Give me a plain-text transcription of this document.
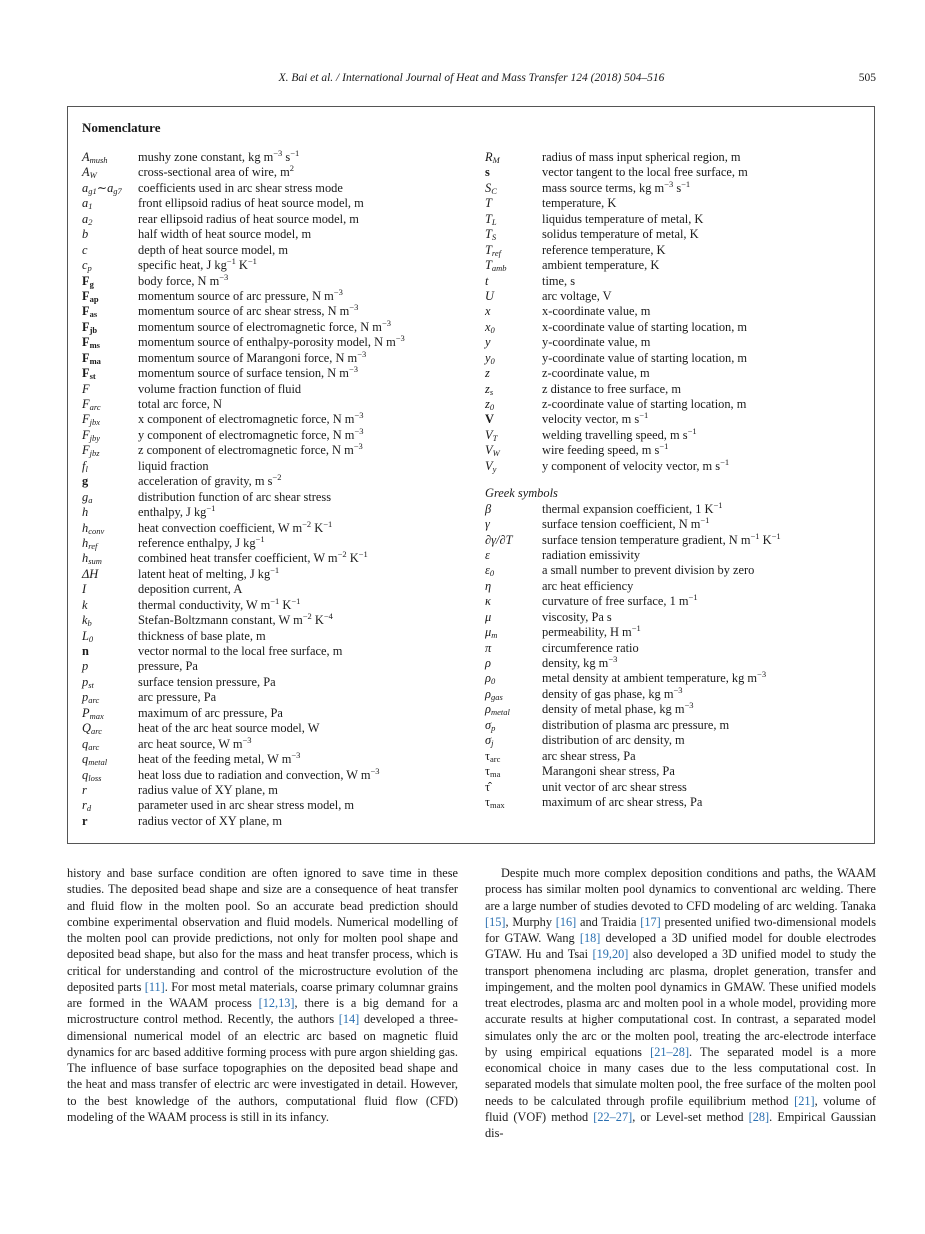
X. Bai et al. / International Journal of Heat and Mass Transfer 124 (2018) 504–516	505
Nomenclature
$A_{mush}$	mushy zone constant, kg $m^{-3}$ $s^{-1}$
$A_W$	cross-sectional area of wire, $m^2$
$a_{g1}\sim a_{g7}$	coefficients used in arc shear stress mode
$a_1$	front ellipsoid radius of heat source model, m
$a_2$	rear ellipsoid radius of heat source model, m
b	half width of heat source model, m
c	depth of heat source model, m
$c_p$	specific heat, J $kg^{-1}$ $K^{-1}$
$F_g$	body force, N $m^{-3}$
$F_{ap}$	momentum source of arc pressure, N $m^{-3}$
$F_{as}$	momentum source of arc shear stress, N $m^{-3}$
$F_{jb}$	momentum source of electromagnetic force, N $m^{-3}$
$F_{ms}$	momentum source of enthalpy-porosity model, N $m^{-3}$
$F_{ma}$	momentum source of Marangoni force, N $m^{-3}$
$F_{st}$	momentum source of surface tension, N $m^{-3}$
F	volume fraction function of fluid
$F_{arc}$	total arc force, N
$F_{jbx}$	x component of electromagnetic force, N $m^{-3}$
$F_{jby}$	y component of electromagnetic force, N $m^{-3}$
$F_{jbz}$	z component of electromagnetic force, N $m^{-3}$
$f_l$	liquid fraction
g	acceleration of gravity, m $s^{-2}$
$g_a$	distribution function of arc shear stress
h	enthalpy, J $kg^{-1}$
$h_{conv}$	heat convection coefficient, W $m^{-2}$ $K^{-1}$
$h_{ref}$	reference enthalpy, J $kg^{-1}$
$h_{sum}$	combined heat transfer coefficient, W $m^{-2}$ $K^{-1}$
ΔH	latent heat of melting, J $kg^{-1}$
I	deposition current, A
k	thermal conductivity, W $m^{-1}$ $K^{-1}$
$k_b$	Stefan-Boltzmann constant, W $m^{-2}$ $K^{-4}$
$L_0$	thickness of base plate, m
n	vector normal to the local free surface, m
p	pressure, Pa
$p_{st}$	surface tension pressure, Pa
$p_{arc}$	arc pressure, Pa
$P_{max}$	maximum of arc pressure, Pa
$Q_{arc}$	heat of the arc heat source model, W
$q_{arc}$	arc heat source, W $m^{-3}$
$q_{metal}$	heat of the feeding metal, W $m^{-3}$
$q_{loss}$	heat loss due to radiation and convection, W $m^{-3}$
r	radius value of XY plane, m
$r_d$	parameter used in arc shear stress model, m
r	radius vector of XY plane, m
$R_M$	radius of mass input spherical region, m
s	vector tangent to the local free surface, m
$S_C$	mass source terms, kg $m^{-3}$ $s^{-1}$
T	temperature, K
$T_L$	liquidus temperature of metal, K
$T_S$	solidus temperature of metal, K
$T_{ref}$	reference temperature, K
$T_{amb}$	ambient temperature, K
t	time, s
U	arc voltage, V
x	x-coordinate value, m
$x_0$	x-coordinate value of starting location, m
y	y-coordinate value, m
$y_0$	y-coordinate value of starting location, m
z	z-coordinate value, m
$z_s$	z distance to free surface, m
$z_0$	z-coordinate value of starting location, m
V	velocity vector, m $s^{-1}$
$V_T$	welding travelling speed, m $s^{-1}$
$V_W$	wire feeding speed, m $s^{-1}$
$V_y$	y component of velocity vector, m $s^{-1}$
Greek symbols
β	thermal expansion coefficient, 1 $K^{-1}$
γ	surface tension coefficient, N $m^{-1}$
∂γ/∂T	surface tension temperature gradient, N $m^{-1}$ $K^{-1}$
ε	radiation emissivity
$\varepsilon_0$	a small number to prevent division by zero
η	arc heat efficiency
κ	curvature of free surface, 1 $m^{-1}$
μ	viscosity, Pa s
$\mu_m$	permeability, H $m^{-1}$
π	circumference ratio
ρ	density, kg $m^{-3}$
$\rho_0$	metal density at ambient temperature, kg $m^{-3}$
$\rho_{gas}$	density of gas phase, kg $m^{-3}$
$\rho_{metal}$	density of metal phase, kg $m^{-3}$
$\sigma_p$	distribution of plasma arc pressure, m
$\sigma_j$	distribution of arc density, m
$\tau_{arc}$	arc shear stress, Pa
$\tau_{ma}$	Marangoni shear stress, Pa
τ̂	unit vector of arc shear stress
$\tau_{max}$	maximum of arc shear stress, Pa

history and base surface condition are often ignored to save time in these studies. The deposited bead shape and size are a consequence of heat transfer and fluid flow in the molten pool. So an accurate bead prediction should combine experimental observation and fluid models. Numerical modelling of the molten pool can provide predictions, not only for molten pool shape and deposited bead shape, but also for the mass and heat transfer process, which is critical for understanding and control of the microstructure evolution of the deposited parts [11]. For most metal materials, coarse primary columnar grains are formed in the WAAM process [12,13], there is a big demand for a microstructure control method. Recently, the authors [14] developed a three-dimensional numerical model of an electric arc based on magnetic fluid dynamics for arc based additive forming process with pure argon shielding gas. The influence of base surface topographies on the deposited bead shape and the heat and mass transfer of electric arc were investigated in detail. However, to the best knowledge of the authors, computational fluid flow (CFD) modeling of the WAAM process is still in its infancy.

Despite much more complex deposition conditions and paths, the WAAM process has similar molten pool dynamics to conventional arc welding. There are a large number of studies devoted to CFD modeling of arc welding. Tanaka [15], Murphy [16] and Traidia [17] presented unified two-dimensional models for GTAW. Wang [18] developed a 3D unified model for double electrodes GTAW. Hu and Tsai [19,20] also developed a 3D unified model to study the transport phenomena including arc plasma, droplet generation, transfer and impingement, and the molten pool dynamics in GMAW. These unified models treat electrodes, plasma arc and molten pool in a whole model, providing more accurate results at higher computational cost. In contrast, a separated model simulates only the arc or the molten pool, treating the arc-electrode interface by using empirical equations [21–28]. The separated model is a more economical choice in many cases due to the less computational cost. In separated models that simulate molten pool, the free surface of the molten pool needs to be calculated through profile equilibrium method [21], volume of fluid (VOF) method [22–27], or Level-set method [28]. Empirical Gaussian dis-
